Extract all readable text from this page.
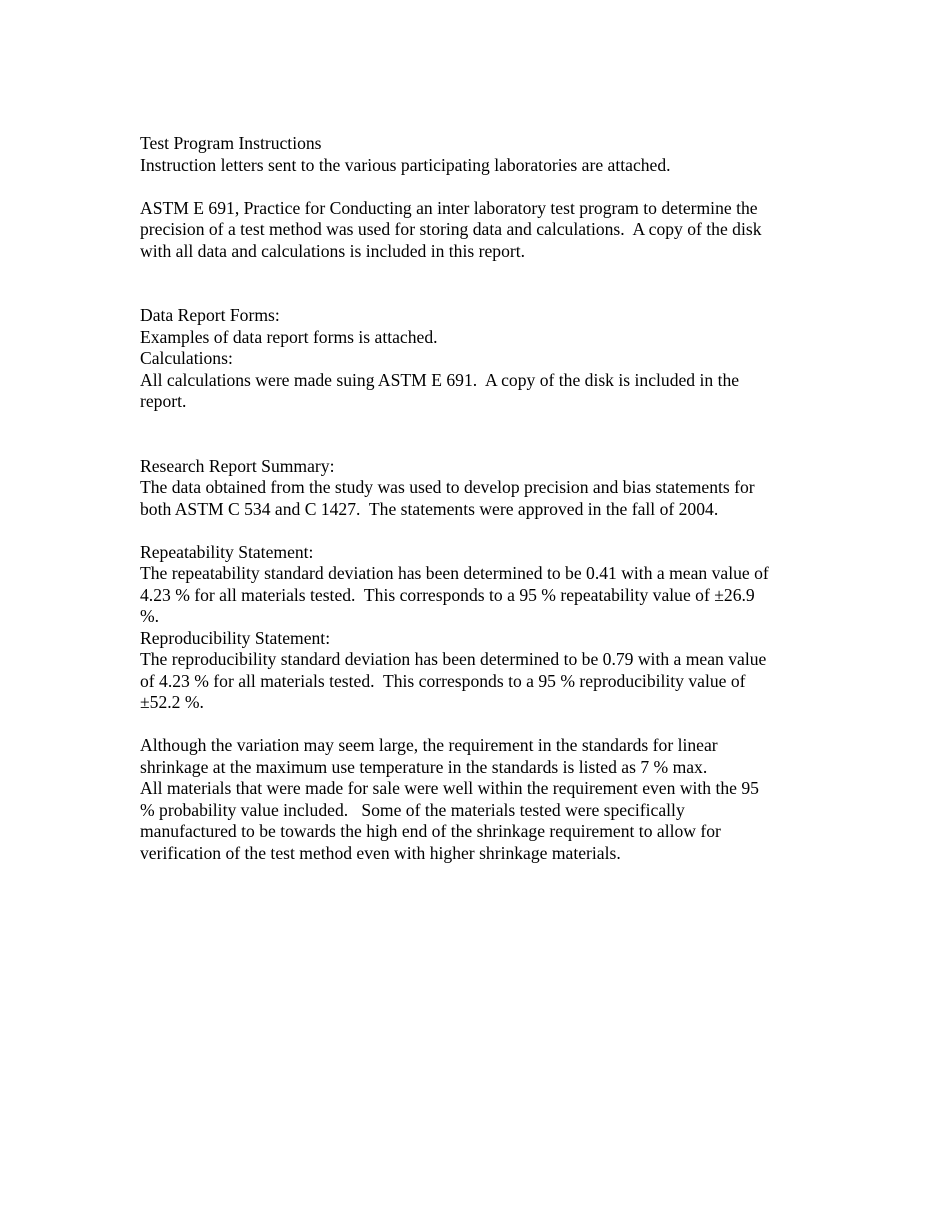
Test Program Instructions
Instruction letters sent to the various participating laboratories are attached.
ASTM E 691, Practice for Conducting an inter laboratory test program to determine the
precision of a test method was used for storing data and calculations.  A copy of the disk
with all data and calculations is included in this report.
Data Report Forms:
Examples of data report forms is attached.
Calculations:
All calculations were made suing ASTM E 691.  A copy of the disk is included in the
report.
Research Report Summary:
The data obtained from the study was used to develop precision and bias statements for
both ASTM C 534 and C 1427.  The statements were approved in the fall of 2004.
Repeatability Statement:
The repeatability standard deviation has been determined to be 0.41 with a mean value of
4.23 % for all materials tested.  This corresponds to a 95 % repeatability value of ±26.9
%.
Reproducibility Statement:
The reproducibility standard deviation has been determined to be 0.79 with a mean value
of 4.23 % for all materials tested.  This corresponds to a 95 % reproducibility value of
±52.2 %.
Although the variation may seem large, the requirement in the standards for linear
shrinkage at the maximum use temperature in the standards is listed as 7 % max.
All materials that were made for sale were well within the requirement even with the 95
% probability value included.   Some of the materials tested were specifically
manufactured to be towards the high end of the shrinkage requirement to allow for
verification of the test method even with higher shrinkage materials.
